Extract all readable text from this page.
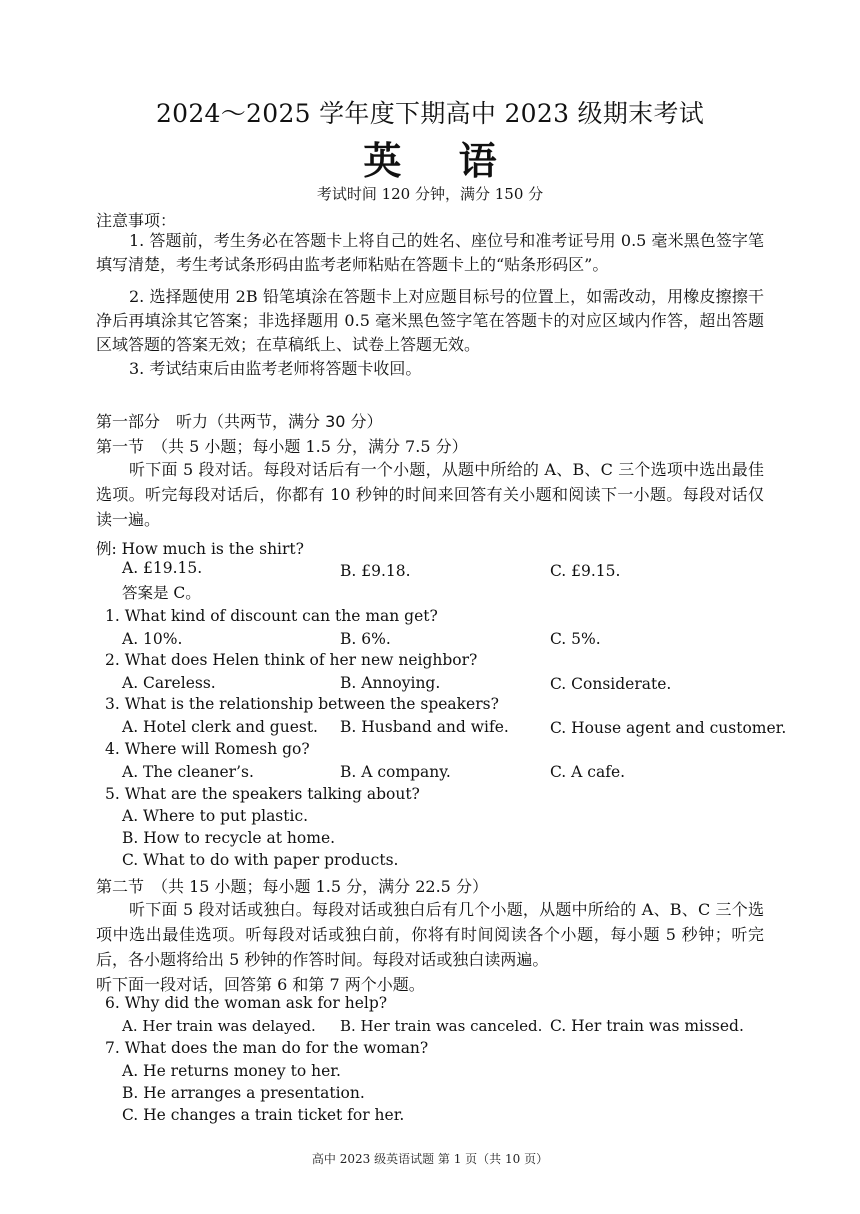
2024～2025 学年度下期高中 2023 级期末考试
英 语
考试时间 120 分钟，满分 150 分
注意事项：

1. 答题前，考生务必在答题卡上将自己的姓名、座位号和准考证号用 0.5 毫米黑色签字笔填写清楚，考生考试条形码由监考老师粘贴在答题卡上的“贴条形码区”。

2. 选择题使用 2B 铅笔填涂在答题卡上对应题目标号的位置上，如需改动，用橡皮擦擦干净后再填涂其它答案；非选择题用 0.5 毫米黑色签字笔在答题卡的对应区域内作答，超出答题区域答题的答案无效；在草稿纸上、试卷上答题无效。

3. 考试结束后由监考老师将答题卡收回。

第一部分　听力（共两节，满分 30 分）
第一节　（共 5 小题；每小题 1.5 分，满分 7.5 分）

听下面 5 段对话。每段对话后有一个小题，从题中所给的 A、B、C 三个选项中选出最佳选项。听完每段对话后，你都有 10 秒钟的时间来回答有关小题和阅读下一小题。每段对话仅读一遍。

例: How much is the shirt?
A. £19.15.	B. £9.18.	C. £9.15.
答案是 C。
1. What kind of discount can the man get?
A. 10%.	B. 6%.	C. 5%.
2. What does Helen think of her new neighbor?
A. Careless.	B. Annoying.	C. Considerate.
3. What is the relationship between the speakers?
A. Hotel clerk and guest. B. Husband and wife.	C. House agent and customer.
4. Where will Romesh go?
A. The cleaner’s.	B. A company.	C. A cafe.
5. What are the speakers talking about?
A. Where to put plastic.
B. How to recycle at home.
C. What to do with paper products.
第二节　（共 15 小题；每小题 1.5 分，满分 22.5 分）

听下面 5 段对话或独白。每段对话或独白后有几个小题，从题中所给的 A、B、C 三个选项中选出最佳选项。听每段对话或独白前，你将有时间阅读各个小题，每小题 5 秒钟；听完后，各小题将给出 5 秒钟的作答时间。每段对话或独白读两遍。

听下面一段对话，回答第 6 和第 7 两个小题。
6. Why did the woman ask for help?
A. Her train was delayed. B. Her train was canceled. C. Her train was missed.
7. What does the man do for the woman?
A. He returns money to her.
B. He arranges a presentation.
C. He changes a train ticket for her.
高中 2023 级英语试题 第 1 页（共 10 页）
